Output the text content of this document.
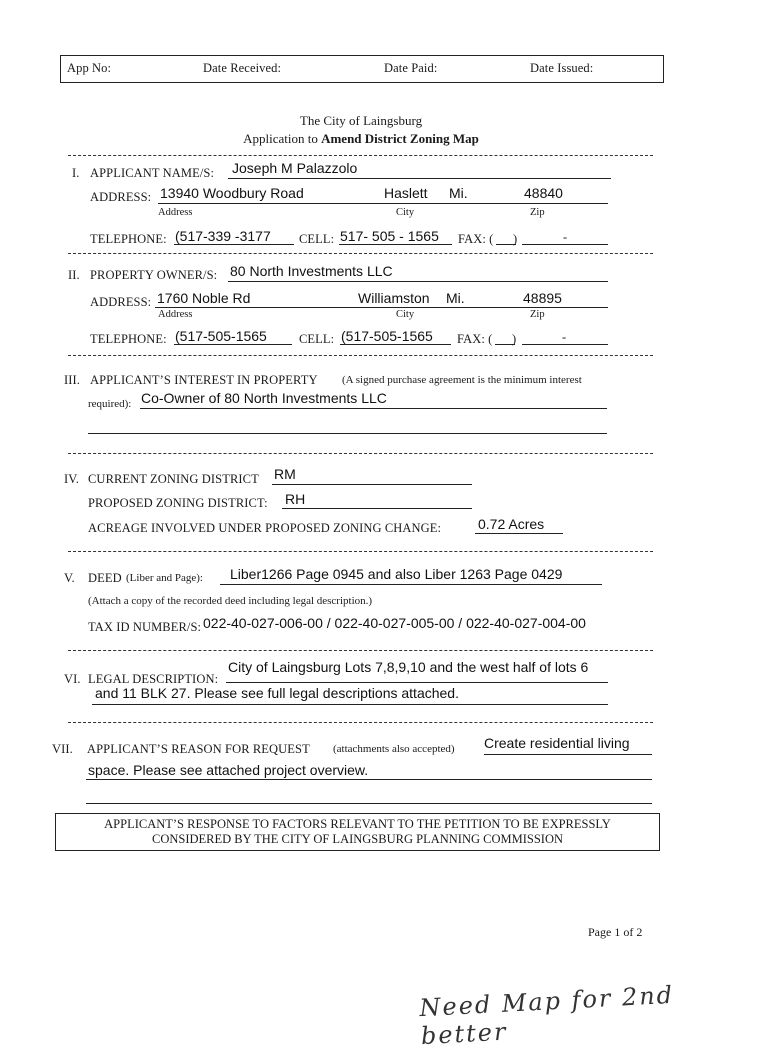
App No:	Date Received:	Date Paid:	Date Issued:
The City of Laingsburg
Application to Amend District Zoning Map
I. APPLICANT NAME/S: Joseph M Palazzolo
ADDRESS: 13940 Woodbury Road	Haslett Mi.	48840
Address	City	Zip
TELEPHONE: (517-339 -3177 CELL: 517- 505 - 1565 FAX: ( )	-
II. PROPERTY OWNER/S: 80 North Investments LLC
ADDRESS: 1760 Noble Rd	Williamston Mi.	48895
Address	City	Zip
TELEPHONE: (517-505-1565	CELL: (517-505-1565 FAX: ( )	-
III. APPLICANT’S INTEREST IN PROPERTY (A signed purchase agreement is the minimum interest
required): Co-Owner of 80 North Investments LLC
IV. CURRENT ZONING DISTRICT RM
PROPOSED ZONING DISTRICT: RH
ACREAGE INVOLVED UNDER PROPOSED ZONING CHANGE:	0.72 Acres
V. DEED (Liber and Page): Liber1266 Page 0945 and also Liber 1263 Page 0429
(Attach a copy of the recorded deed including legal description.)
TAX ID NUMBER/S: 022-40-027-006-00 / 022-40-027-005-00 / 022-40-027-004-00
VI. LEGAL DESCRIPTION:
City of Laingsburg Lots 7,8,9,10 and the west half of lots 6
and 11 BLK 27. Please see full legal descriptions attached.
VII. APPLICANT’S REASON FOR REQUEST (attachments also accepted) Create residential living
space. Please see attached project overview.
APPLICANT’S RESPONSE TO FACTORS RELEVANT TO THE PETITION TO BE EXPRESSLY
CONSIDERED BY THE CITY OF LAINGSBURG PLANNING COMMISSION
Page 1 of 2
Need Map for 2nd better
